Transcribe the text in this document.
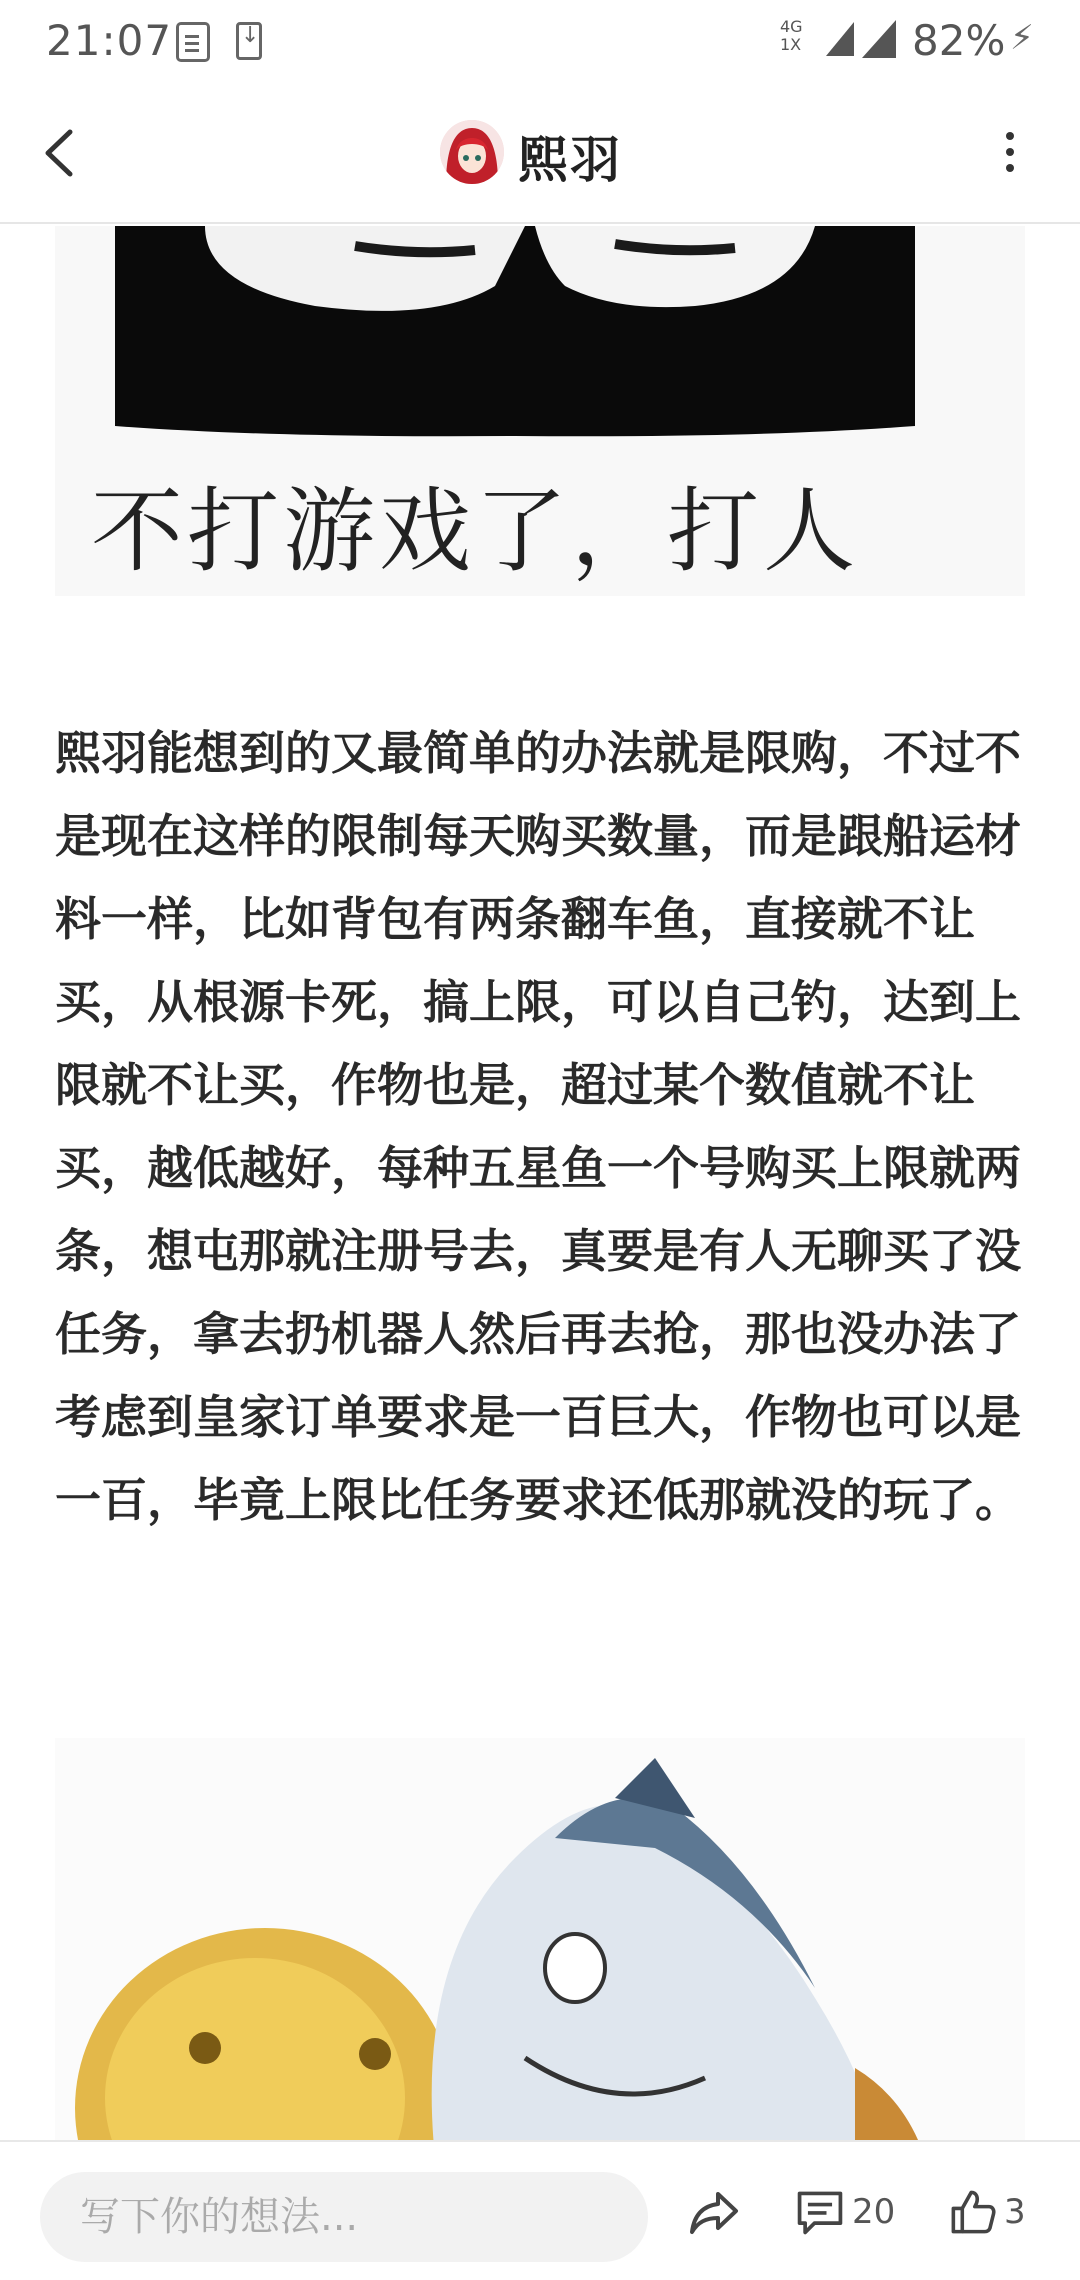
21:07
↓	4G
1X	82% ⚡
熙羽
不打游戏了，打人

熙羽能想到的又最简单的办法就是限购，不过不是现在这样的限制每天购买数量，而是跟船运材料一样，比如背包有两条翻车鱼，直接就不让买，从根源卡死，搞上限，可以自己钓，达到上限就不让买，作物也是，超过某个数值就不让买，越低越好，每种五星鱼一个号购买上限就两条，想屯那就注册号去，真要是有人无聊买了没任务，拿去扔机器人然后再去抢，那也没办法了

考虑到皇家订单要求是一百巨大，作物也可以是一百，毕竟上限比任务要求还低那就没的玩了。

写下你的想法...
20	3
